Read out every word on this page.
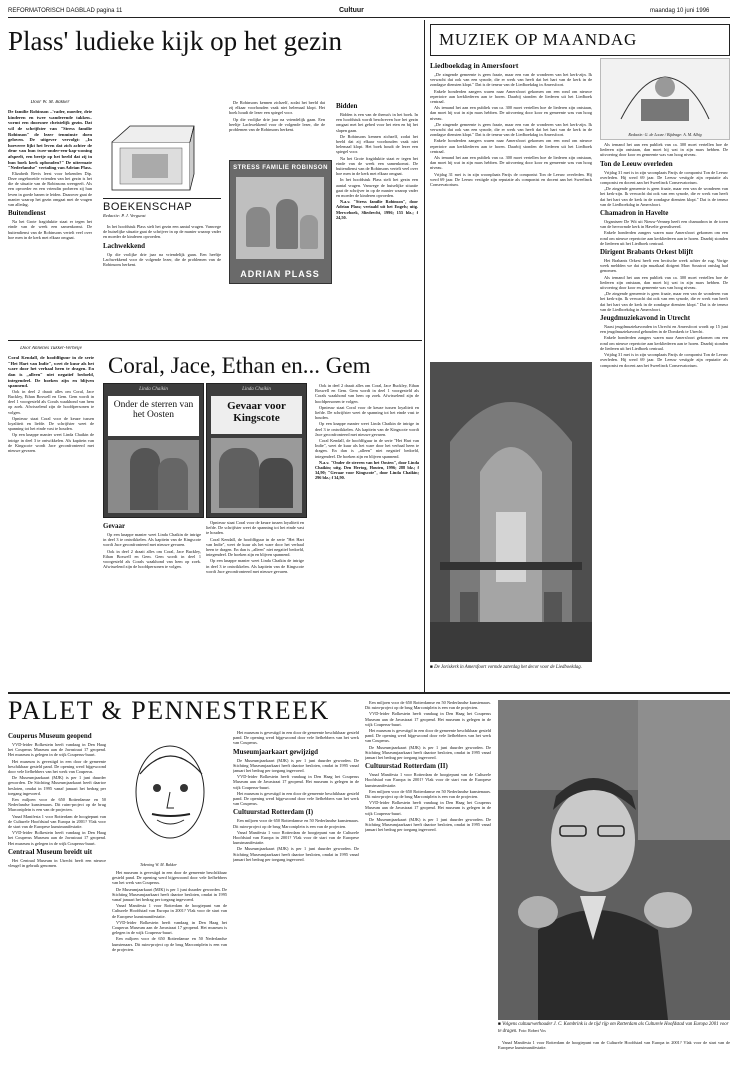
REFORMATORISCH DAGBLAD pagina 11	Cultuur	maandag 10 juni 1996
Plass' ludieke kijk op het gezin
Door W. M. Bakker
De familie Robinson –'vader, moeder, drie kinderen en twee wanderende takken– vormt een doorsnee christelijk gezin. Dat wil de schrijfster van "Stress familie Robinson" de lezer tenminste doen geloven. De uitgever vervolgt: „In hoeverre lijkt het leven dat zich achter de deur van hun twee-onder-een-kap-woning afspeelt, een beetje op het beeld dat zij in hun boek kerk opbouden?" De uitermate "Nederlandse" vertaling van Adrian Plass.

Elizabeth Revis leest voor bekenden Dip. Deze ongebroeide vrienden van het gezin is het die de situatie van de Robinsons weergeeft. Als een opvoeder en een vriendin proberen zij hun leven in goede banen te leiden. Daarover gaat de manier waarop het gezin omgaat met de vragen van alledag.

Buitendienst

Na het Grote fragiduktie staat er tegen het einde van de week een samenkomst. De buitendienst van de Robinsons vertelt veel over hoe men in de kerk met elkaar omgaat.

BOEKENSCHAP
Redactie: P. J. Vergunst

In het hoofdstuk Plass stelt het gezin een aantal vragen. Vanwege de huiselijke situatie gaat de schrijver in op de manier waarop vader en moeder de kinderen opvoeden.

Lachwekkend

Op die vrolijke drie jaar na vriendelijk gaan. Een heeltje Lachwekkend voor de volgende lezer, die de problemen van de Robinsons herkent.

De Robinsons kennen zichzelf, zodat het beeld dat zij elkaar voorhouden vaak niet helemaal klopt. Het boek houdt de lezer een spiegel voor.

Op die vrolijke drie jaar na vriendelijk gaan. Een heeltje Lachwekkend voor de volgende lezer, die de problemen van de Robinsons herkent.

STRESS FAMILIE ROBINSON
ADRIAN PLASS
Bidden

Bidden is een van de thema's in het boek. In een hoofdstuk wordt beschreven hoe het gezin omgaat met het gebed voor het eten en bij het slapen gaan.

De Robinsons kennen zichzelf, zodat het beeld dat zij elkaar voorhouden vaak niet helemaal klopt. Het boek houdt de lezer een spiegel voor.

Na het Grote fragiduktie staat er tegen het einde van de week een samenkomst. De buitendienst van de Robinsons vertelt veel over hoe men in de kerk met elkaar omgaat.

In het hoofdstuk Plass stelt het gezin een aantal vragen. Vanwege de huiselijke situatie gaat de schrijver in op de manier waarop vader en moeder de kinderen opvoeden.

N.a.v. "Stress familie Robinson", door Adrian Plass; vertaald uit het Engels; uitg. Merweboek, Sliedrecht, 1996; 155 blz.; f 24,50.

Door Annelies Tukker-Verheije
Coral Kendall, de hoofdfiguur in de serie "Het Hart van Indie", weet de kuur als het ware door het verhaal heen te dragen. En dan is „alleen" niet negatief bedoeld, integendeel. De boeken zijn en blijven spannend.

Ook in deel 2 draait alles om Coral, Jace Buckley, Ethan Boswell en Gem. Gem wordt in deel 1 voorgesteld als Corals waakhond van hem op zoek. Afwisselend zijn de hoofdpersonen te volgen.

Opnieuw staat Coral voor de keuze tussen loyaliteit en liefde. De schrijfster weet de spanning tot het einde vast te houden.

Op een knappe manier weet Linda Chaikin de intrige in deel 3 te ontwikkelen. Als kapitein van de Kingscote wordt Jace geconfronteerd met nieuwe gevaren.

Coral, Jace, Ethan en... Gem
Linda Chaikin
Onder de sterren van het Oosten
Linda Chaikin
Gevaar voor Kingscote
Gevaar

Op een knappe manier weet Linda Chaikin de intrige in deel 3 te ontwikkelen. Als kapitein van de Kingscote wordt Jace geconfronteerd met nieuwe gevaren.

Ook in deel 2 draait alles om Coral, Jace Buckley, Ethan Boswell en Gem. Gem wordt in deel 1 voorgesteld als Corals waakhond van hem op zoek. Afwisselend zijn de hoofdpersonen te volgen.

Opnieuw staat Coral voor de keuze tussen loyaliteit en liefde. De schrijfster weet de spanning tot het einde vast te houden.

Coral Kendall, de hoofdfiguur in de serie "Het Hart van Indie", weet de kuur als het ware door het verhaal heen te dragen. En dan is „alleen" niet negatief bedoeld, integendeel. De boeken zijn en blijven spannend.

Op een knappe manier weet Linda Chaikin de intrige in deel 3 te ontwikkelen. Als kapitein van de Kingscote wordt Jace geconfronteerd met nieuwe gevaren.

Ook in deel 2 draait alles om Coral, Jace Buckley, Ethan Boswell en Gem. Gem wordt in deel 1 voorgesteld als Corals waakhond van hem op zoek. Afwisselend zijn de hoofdpersonen te volgen.

Opnieuw staat Coral voor de keuze tussen loyaliteit en liefde. De schrijfster weet de spanning tot het einde vast te houden.

Op een knappe manier weet Linda Chaikin de intrige in deel 3 te ontwikkelen. Als kapitein van de Kingscote wordt Jace geconfronteerd met nieuwe gevaren.

Coral Kendall, de hoofdfiguur in de serie "Het Hart van Indie", weet de kuur als het ware door het verhaal heen te dragen. En dan is „alleen" niet negatief bedoeld, integendeel. De boeken zijn en blijven spannend.

N.a.v. "Onder de sterren van het Oosten", door Linda Chaikin; uitg. Den Hertog, Houten, 1996; 288 blz.; f 34,90; "Gevaar voor Kingscote", door Linda Chaikin; 296 blz.; f 34,90.

MUZIEK OP MAANDAG
Liedboekdag in Amersfoort

„De zingende gemeente is geen fraaie, maar een van de wonderen van het kerk-zijn. Ik verwacht dat ook van een synode, die er werk van heeft dat het hart van de kerk in de zondagse diensten klopt." Dat is de teneur van de Liedboekdag in Amersfoort.

Enkele honderden zangers waren naar Amersfoort gekomen om een rond om nieuwe repertoire aan kerkliederen aan te horen. Daarbij stonden de liederen uit het Liedboek centraal.

Als iemand het aan een publiek van ca. 300 moet vertellen hoe de liederen zijn ontstaan, dan moet hij wat in zijn mars hebben. De uitvoering door koor en gemeente was van hoog niveau.

„De zingende gemeente is geen fraaie, maar een van de wonderen van het kerk-zijn. Ik verwacht dat ook van een synode, die er werk van heeft dat het hart van de kerk in de zondagse diensten klopt." Dat is de teneur van de Liedboekdag in Amersfoort.

Enkele honderden zangers waren naar Amersfoort gekomen om een rond om nieuwe repertoire aan kerkliederen aan te horen. Daarbij stonden de liederen uit het Liedboek centraal.

Als iemand het aan een publiek van ca. 300 moet vertellen hoe de liederen zijn ontstaan, dan moet hij wat in zijn mars hebben. De uitvoering door koor en gemeente was van hoog niveau.

Vrijdag 31 mei is in zijn woonplaats Parijs de componist Ton de Leeuw overleden. Hij werd 69 jaar. De Leeuw vestigde zijn reputatie als componist en docent aan het Sweelinck Conservatorium.

Redactie: G. de Looze / Bijdrage: A. M. Albig

Als iemand het aan een publiek van ca. 300 moet vertellen hoe de liederen zijn ontstaan, dan moet hij wat in zijn mars hebben. De uitvoering door koor en gemeente was van hoog niveau.

Ton de Leeuw overleden

Vrijdag 31 mei is in zijn woonplaats Parijs de componist Ton de Leeuw overleden. Hij werd 69 jaar. De Leeuw vestigde zijn reputatie als componist en docent aan het Sweelinck Conservatorium.

„De zingende gemeente is geen fraaie, maar een van de wonderen van het kerk-zijn. Ik verwacht dat ook van een synode, die er werk van heeft dat het hart van de kerk in de zondagse diensten klopt." Dat is de teneur van de Liedboekdag in Amersfoort.

Chamadron in Havelte

Organiseer De Wit uit Nieuw-Vennep heeft een chamadron in de toren van de hervormde kerk in Havelte gerealiseerd.

Enkele honderden zangers waren naar Amersfoort gekomen om een rond om nieuwe repertoire aan kerkliederen aan te horen. Daarbij stonden de liederen uit het Liedboek centraal.

Dirigent Brabants Orkest blijft

Het Brabants Orkest heeft een hectische week achter de rug. Vorige week meldden we dat zijn muzikaal dirigent Marc Soustrot ontslag had genomen.

Als iemand het aan een publiek van ca. 300 moet vertellen hoe de liederen zijn ontstaan, dan moet hij wat in zijn mars hebben. De uitvoering door koor en gemeente was van hoog niveau.

„De zingende gemeente is geen fraaie, maar een van de wonderen van het kerk-zijn. Ik verwacht dat ook van een synode, die er werk van heeft dat het hart van de kerk in de zondagse diensten klopt." Dat is de teneur van de Liedboekdag in Amersfoort.

Jeugdmuziekavond in Utrecht

Naast jeugdmuziekavonden in Utrecht en Amersfoort wordt op 15 juni een jeugdmuziekavond gehouden in de Domkerk te Utrecht.

Enkele honderden zangers waren naar Amersfoort gekomen om een rond om nieuwe repertoire aan kerkliederen aan te horen. Daarbij stonden de liederen uit het Liedboek centraal.

Vrijdag 31 mei is in zijn woonplaats Parijs de componist Ton de Leeuw overleden. Hij werd 69 jaar. De Leeuw vestigde zijn reputatie als componist en docent aan het Sweelinck Conservatorium.

■ De Joriskerk in Amersfoort vormde zaterdag het decor voor de Liedboekdag.
PALET & PENNESTREEK
Couperus Museum geopend

VVD-leider Bolkestein heeft vandaag in Den Haag het Couperus Museum aan de Javastraat 17 geopend. Het museum is gelegen in de wijk Couperus-buurt.

Het museum is gevestigd in een door de gemeente beschikbaar gesteld pand. De opening werd bijgewoond door vele liefhebbers van het werk van Couperus.

De Museumjaarkaart (MJK) is per 1 juni duurder geworden. De Stichting Museumjaarkaart heeft daartoe besloten, omdat in 1995 vanaf januari het bedrag per toegang ingevoerd.

Een miljoen voor de 650 Rotterdamse en 50 Nederlandse kunstenaars. Dit ruim-project op de brug Marconiplein is een van de projecten.

Vanaf Manifesta 1 voor Rotterdam de hoogtepunt van de Culturele Hoofdstad van Europa in 2001? Vlak voor de start van de Europese kunstmanifestatie.

VVD-leider Bolkestein heeft vandaag in Den Haag het Couperus Museum aan de Javastraat 17 geopend. Het museum is gelegen in de wijk Couperus-buurt.

Centraal Museum breidt uit

Het Centraal Museum in Utrecht heeft een nieuwe vleugel in gebruik genomen.	Tekening W. M. Bakker

Het museum is gevestigd in een door de gemeente beschikbaar gesteld pand. De opening werd bijgewoond door vele liefhebbers van het werk van Couperus.

De Museumjaarkaart (MJK) is per 1 juni duurder geworden. De Stichting Museumjaarkaart heeft daartoe besloten, omdat in 1995 vanaf januari het bedrag per toegang ingevoerd.

Vanaf Manifesta 1 voor Rotterdam de hoogtepunt van de Culturele Hoofdstad van Europa in 2001? Vlak voor de start van de Europese kunstmanifestatie.

VVD-leider Bolkestein heeft vandaag in Den Haag het Couperus Museum aan de Javastraat 17 geopend. Het museum is gelegen in de wijk Couperus-buurt.

Een miljoen voor de 650 Rotterdamse en 50 Nederlandse kunstenaars. Dit ruim-project op de brug Marconiplein is een van de projecten.

Het museum is gevestigd in een door de gemeente beschikbaar gesteld pand. De opening werd bijgewoond door vele liefhebbers van het werk van Couperus.

Museumjaarkaart gewijzigd

De Museumjaarkaart (MJK) is per 1 juni duurder geworden. De Stichting Museumjaarkaart heeft daartoe besloten, omdat in 1995 vanaf januari het bedrag per toegang ingevoerd.

VVD-leider Bolkestein heeft vandaag in Den Haag het Couperus Museum aan de Javastraat 17 geopend. Het museum is gelegen in de wijk Couperus-buurt.

Het museum is gevestigd in een door de gemeente beschikbaar gesteld pand. De opening werd bijgewoond door vele liefhebbers van het werk van Couperus.

Cultuurstad Rotterdam (I)

Een miljoen voor de 650 Rotterdamse en 50 Nederlandse kunstenaars. Dit ruim-project op de brug Marconiplein is een van de projecten.

Vanaf Manifesta 1 voor Rotterdam de hoogtepunt van de Culturele Hoofdstad van Europa in 2001? Vlak voor de start van de Europese kunstmanifestatie.

De Museumjaarkaart (MJK) is per 1 juni duurder geworden. De Stichting Museumjaarkaart heeft daartoe besloten, omdat in 1995 vanaf januari het bedrag per toegang ingevoerd.

Een miljoen voor de 650 Rotterdamse en 50 Nederlandse kunstenaars. Dit ruim-project op de brug Marconiplein is een van de projecten.

VVD-leider Bolkestein heeft vandaag in Den Haag het Couperus Museum aan de Javastraat 17 geopend. Het museum is gelegen in de wijk Couperus-buurt.

Het museum is gevestigd in een door de gemeente beschikbaar gesteld pand. De opening werd bijgewoond door vele liefhebbers van het werk van Couperus.

De Museumjaarkaart (MJK) is per 1 juni duurder geworden. De Stichting Museumjaarkaart heeft daartoe besloten, omdat in 1995 vanaf januari het bedrag per toegang ingevoerd.

Cultuurstad Rotterdam (II)

Vanaf Manifesta 1 voor Rotterdam de hoogtepunt van de Culturele Hoofdstad van Europa in 2001? Vlak voor de start van de Europese kunstmanifestatie.

Een miljoen voor de 650 Rotterdamse en 50 Nederlandse kunstenaars. Dit ruim-project op de brug Marconiplein is een van de projecten.

VVD-leider Bolkestein heeft vandaag in Den Haag het Couperus Museum aan de Javastraat 17 geopend. Het museum is gelegen in de wijk Couperus-buurt.

De Museumjaarkaart (MJK) is per 1 juni duurder geworden. De Stichting Museumjaarkaart heeft daartoe besloten, omdat in 1995 vanaf januari het bedrag per toegang ingevoerd.

■ Volgens cultuurwethouder J. C. Kombrink is de tijd rijp om Rotterdam als Culturele Hoofdstad van Europa 2001 voor te dragen. Foto: Robert Vos

Vanaf Manifesta 1 voor Rotterdam de hoogtepunt van de Culturele Hoofdstad van Europa in 2001? Vlak voor de start van de Europese kunstmanifestatie.
